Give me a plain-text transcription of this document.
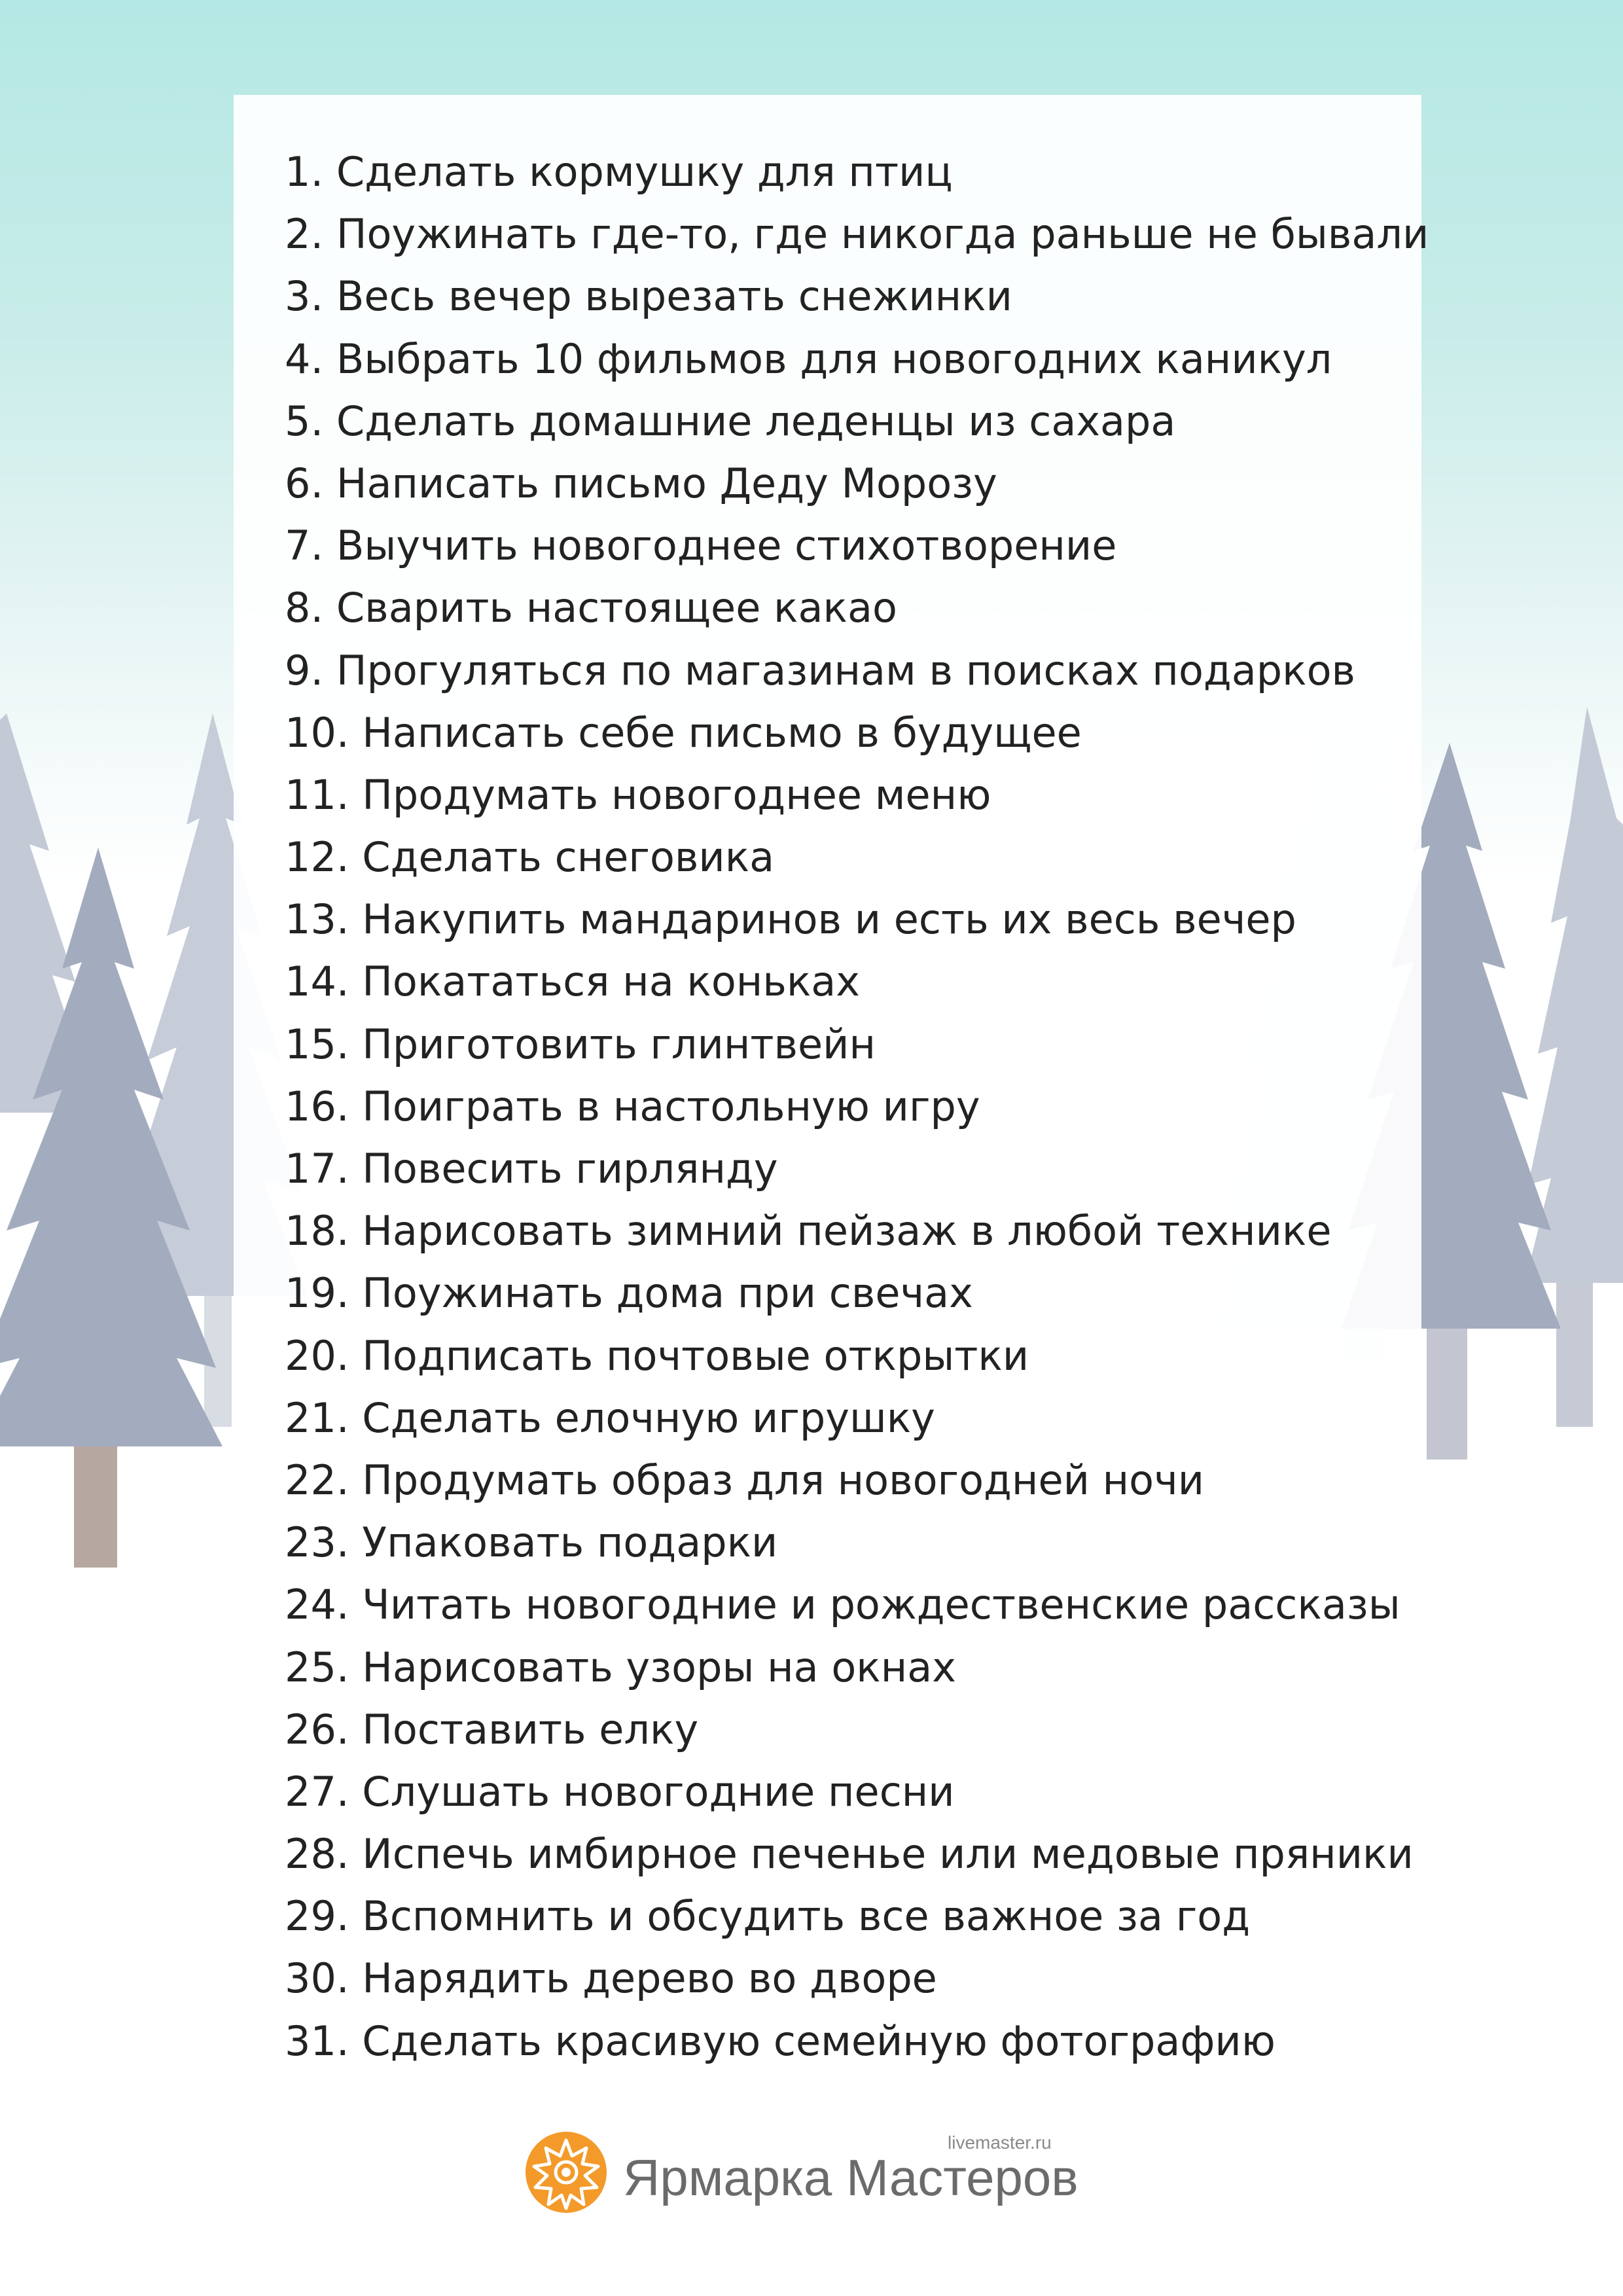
1. Сделать кормушку для птиц
2. Поужинать где-то, где никогда раньше не бывали
3. Весь вечер вырезать снежинки
4. Выбрать 10 фильмов для новогодних каникул
5. Сделать домашние леденцы из сахара
6. Написать письмо Деду Морозу
7. Выучить новогоднее стихотворение
8. Сварить настоящее какао
9. Прогуляться по магазинам в поисках подарков
10. Написать себе письмо в будущее
11. Продумать новогоднее меню
12. Сделать снеговика
13. Накупить мандаринов и есть их весь вечер
14. Покататься на коньках
15. Приготовить глинтвейн
16. Поиграть в настольную игру
17. Повесить гирлянду
18. Нарисовать зимний пейзаж в любой технике
19. Поужинать дома при свечах
20. Подписать почтовые открытки
21. Сделать елочную игрушку
22. Продумать образ для новогодней ночи
23. Упаковать подарки
24. Читать новогодние и рождественские рассказы
25. Нарисовать узоры на окнах
26. Поставить елку
27. Слушать новогодние песни
28. Испечь имбирное печенье или медовые пряники
29. Вспомнить и обсудить все важное за год
30. Нарядить дерево во дворе
31. Сделать красивую семейную фотографию
livemaster.ru
Ярмарка Мастеров
